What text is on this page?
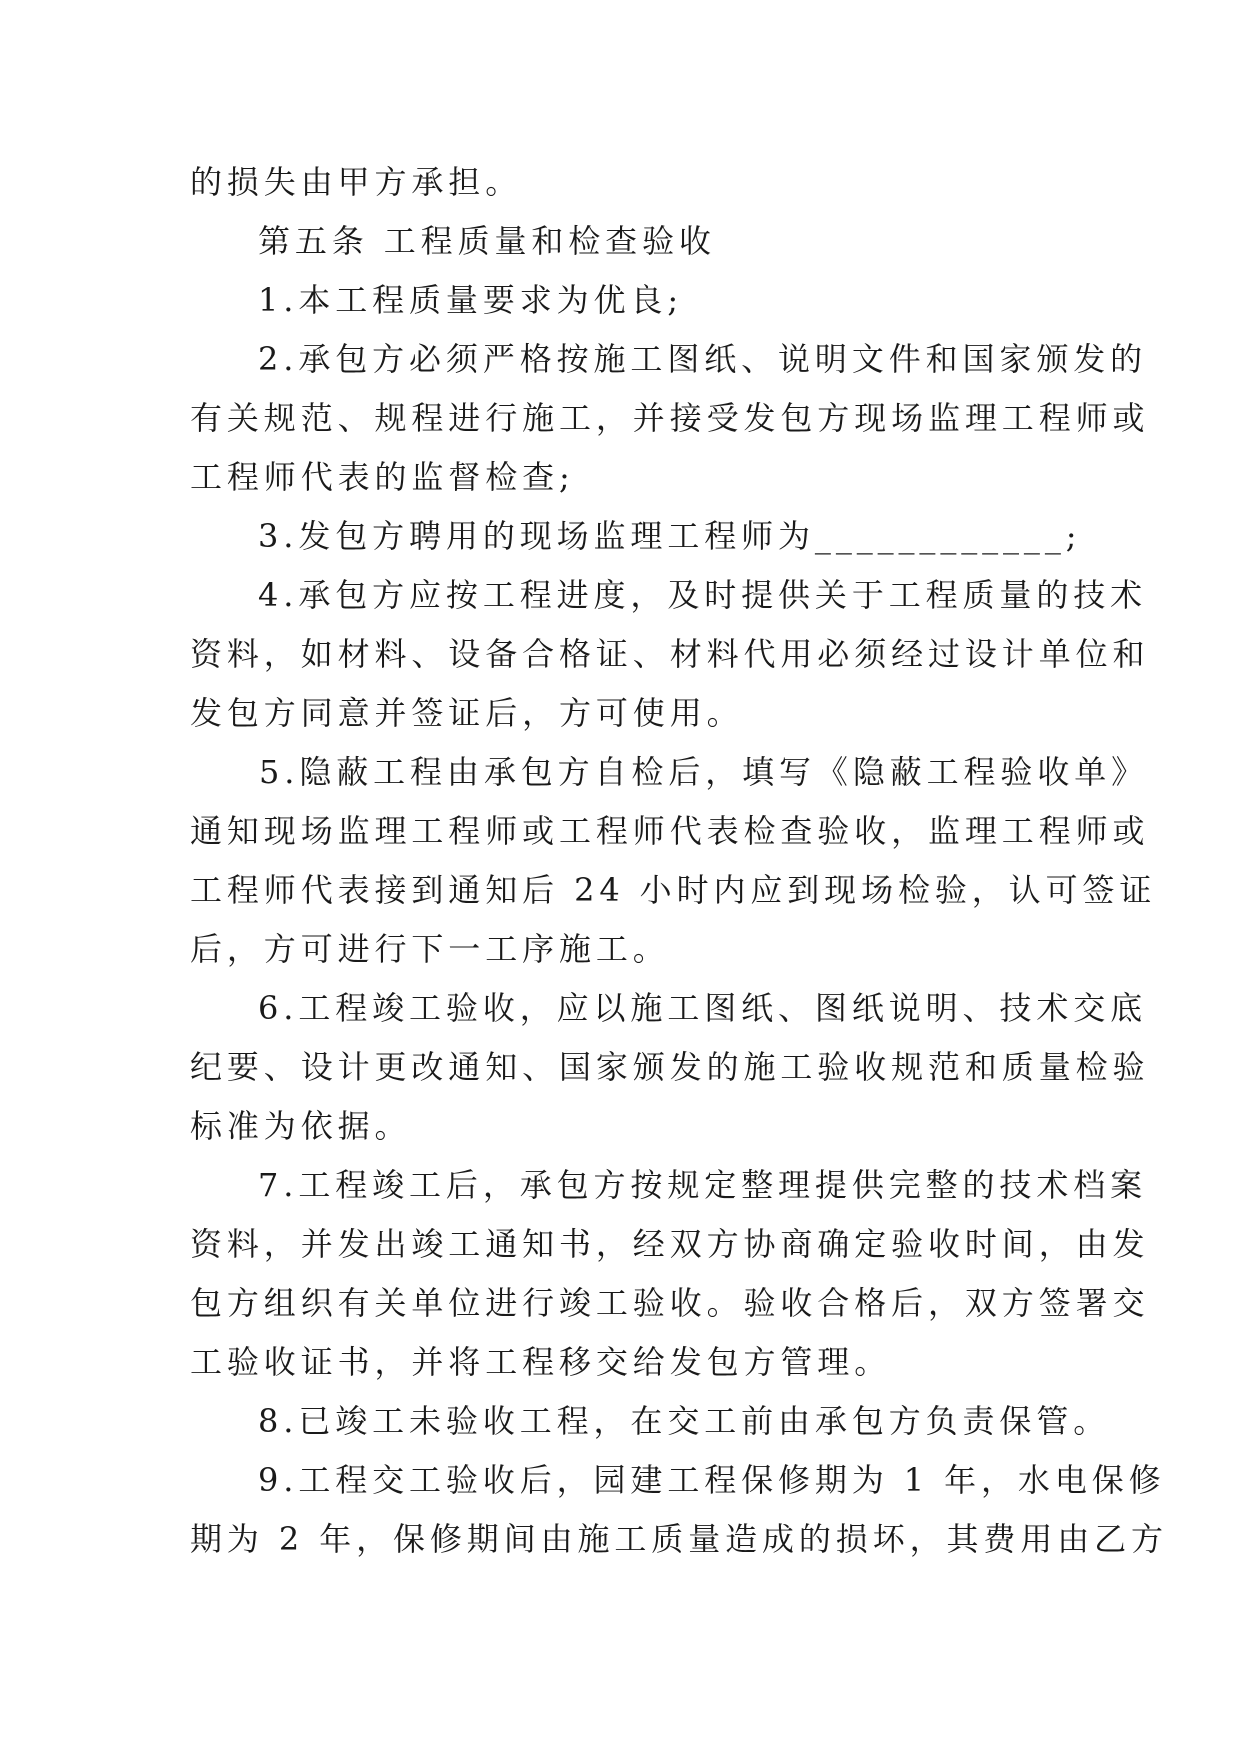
的损失由甲方承担。
第五条 工程质量和检查验收
1.本工程质量要求为优良;
2.承包方必须严格按施工图纸、说明文件和国家颁发的
有关规范、规程进行施工，并接受发包方现场监理工程师或
工程师代表的监督检查;
3.发包方聘用的现场监理工程师为____________;
4.承包方应按工程进度，及时提供关于工程质量的技术
资料，如材料、设备合格证、材料代用必须经过设计单位和
发包方同意并签证后，方可使用。
5.隐蔽工程由承包方自检后，填写《隐蔽工程验收单》
通知现场监理工程师或工程师代表检查验收，监理工程师或
工程师代表接到通知后 24 小时内应到现场检验，认可签证
后，方可进行下一工序施工。
6.工程竣工验收，应以施工图纸、图纸说明、技术交底
纪要、设计更改通知、国家颁发的施工验收规范和质量检验
标准为依据。
7.工程竣工后，承包方按规定整理提供完整的技术档案
资料，并发出竣工通知书，经双方协商确定验收时间，由发
包方组织有关单位进行竣工验收。验收合格后，双方签署交
工验收证书，并将工程移交给发包方管理。
8.已竣工未验收工程，在交工前由承包方负责保管。
9.工程交工验收后，园建工程保修期为 1 年，水电保修
期为 2 年，保修期间由施工质量造成的损坏，其费用由乙方
